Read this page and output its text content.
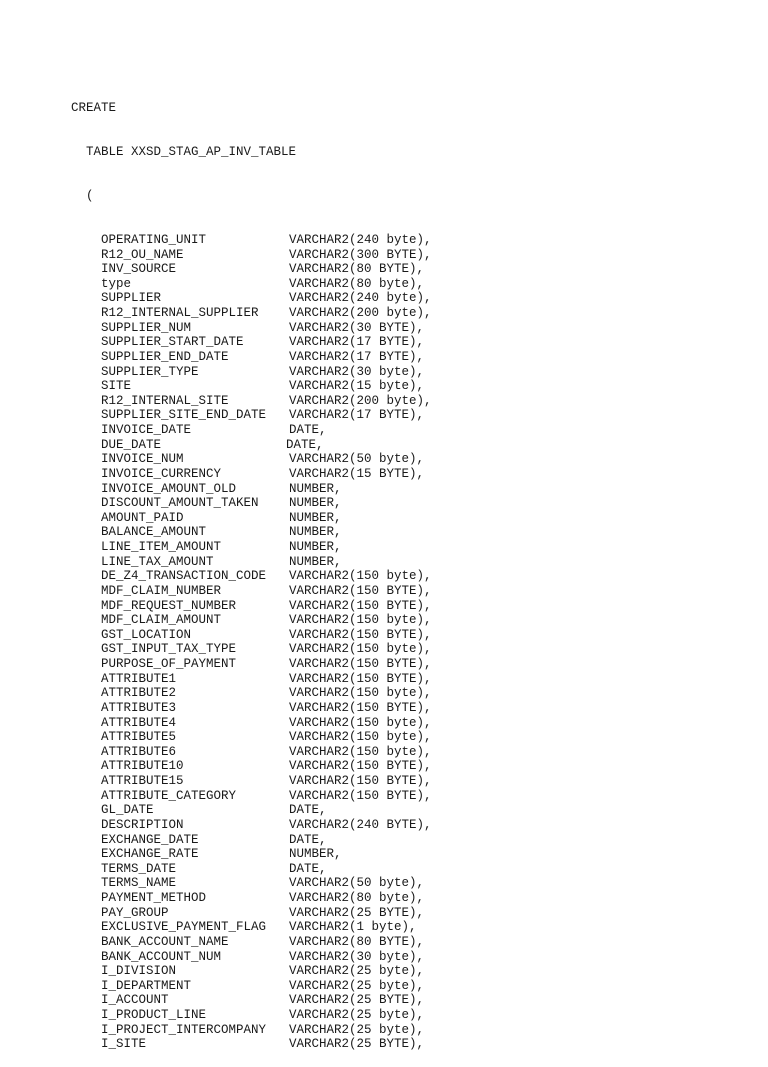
CREATE

TABLE XXSD_STAG_AP_INV_TABLE

(

OPERATING_UNIT	VARCHAR2(240 byte),
R12_OU_NAME	VARCHAR2(300 BYTE),
INV_SOURCE	VARCHAR2(80 BYTE),
type	VARCHAR2(80 byte),
SUPPLIER	VARCHAR2(240 byte),
R12_INTERNAL_SUPPLIER	VARCHAR2(200 byte),
SUPPLIER_NUM	VARCHAR2(30 BYTE),
SUPPLIER_START_DATE	VARCHAR2(17 BYTE),
SUPPLIER_END_DATE	VARCHAR2(17 BYTE),
SUPPLIER_TYPE	VARCHAR2(30 byte),
SITE	VARCHAR2(15 byte),
R12_INTERNAL_SITE	VARCHAR2(200 byte),
SUPPLIER_SITE_END_DATE	VARCHAR2(17 BYTE),
INVOICE_DATE	DATE,
DUE_DATE	DATE,
INVOICE_NUM	VARCHAR2(50 byte),
INVOICE_CURRENCY	VARCHAR2(15 BYTE),
INVOICE_AMOUNT_OLD	NUMBER,
DISCOUNT_AMOUNT_TAKEN	NUMBER,
AMOUNT_PAID	NUMBER,
BALANCE_AMOUNT	NUMBER,
LINE_ITEM_AMOUNT	NUMBER,
LINE_TAX_AMOUNT	NUMBER,
DE_Z4_TRANSACTION_CODE	VARCHAR2(150 byte),
MDF_CLAIM_NUMBER	VARCHAR2(150 BYTE),
MDF_REQUEST_NUMBER	VARCHAR2(150 BYTE),
MDF_CLAIM_AMOUNT	VARCHAR2(150 byte),
GST_LOCATION	VARCHAR2(150 BYTE),
GST_INPUT_TAX_TYPE	VARCHAR2(150 byte),
PURPOSE_OF_PAYMENT	VARCHAR2(150 BYTE),
ATTRIBUTE1	VARCHAR2(150 BYTE),
ATTRIBUTE2	VARCHAR2(150 byte),
ATTRIBUTE3	VARCHAR2(150 BYTE),
ATTRIBUTE4	VARCHAR2(150 byte),
ATTRIBUTE5	VARCHAR2(150 byte),
ATTRIBUTE6	VARCHAR2(150 byte),
ATTRIBUTE10	VARCHAR2(150 BYTE),
ATTRIBUTE15	VARCHAR2(150 BYTE),
ATTRIBUTE_CATEGORY	VARCHAR2(150 BYTE),
GL_DATE	DATE,
DESCRIPTION	VARCHAR2(240 BYTE),
EXCHANGE_DATE	DATE,
EXCHANGE_RATE	NUMBER,
TERMS_DATE	DATE,
TERMS_NAME	VARCHAR2(50 byte),
PAYMENT_METHOD	VARCHAR2(80 byte),
PAY_GROUP	VARCHAR2(25 BYTE),
EXCLUSIVE_PAYMENT_FLAG	VARCHAR2(1 byte),
BANK_ACCOUNT_NAME	VARCHAR2(80 BYTE),
BANK_ACCOUNT_NUM	VARCHAR2(30 byte),
I_DIVISION	VARCHAR2(25 byte),
I_DEPARTMENT	VARCHAR2(25 byte),
I_ACCOUNT	VARCHAR2(25 BYTE),
I_PRODUCT_LINE	VARCHAR2(25 byte),
I_PROJECT_INTERCOMPANY	VARCHAR2(25 byte),
I_SITE	VARCHAR2(25 BYTE),
